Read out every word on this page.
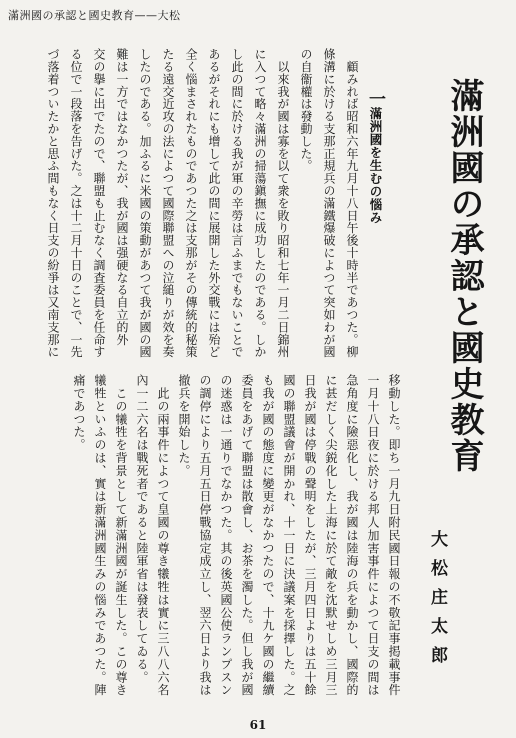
滿洲國の承認と國史教育——大松
滿洲國の承認と國史教育
大松庄太郎
一滿洲國を生むの惱み
　顧みれば昭和六年九月十八日午後十時半であつた。柳
條溝に於ける支那正規兵の滿鐵爆破によつて突如わが國
の自衞權は發動した。
　以來我が國は寡を以て衆を敗り昭和七年一月二日錦州
に入つて略々滿洲の掃蕩鎭撫に成功したのである。しか
し此の間に於ける我が軍の辛勞は言ふまでもないことで
あるがそれにも增して此の間に展開した外交戰には殆ど
全く惱まされたものであつた之は支那がその傳統的秘策
たる遠交近攻の法によつて國際聯盟への泣縋りが效を奏
したのである。加ふるに米國の策動があつて我が國の國
難は一方ではなかつたが、我が國は强硬なる自立的外
交の擧に出でたので、聯盟も止むなく調査委員を任命す
る位で一段落を告げた。之は十二月十日のことで、一先
づ落着ついたかと思ふ間もなく日支の紛爭は又南支那に
移動した。即ち一月九日附民國日報の不敬記事掲載事件
一月十八日夜に於ける邦人加害事件によつて日支の間は
急角度に險惡化し、我が國は陸海の兵を動かし、國際的
に甚だしく尖鋭化した上海に於て敵を沈默せしめ三月三
日我が國は停戰の聲明をしたが、三月四日よりは五十餘
國の聯盟議會が開かれ、十一日に決議案を採擇した。之
も我が國の態度に變更がなかつたので、十九ケ國の繼續
委員をあげて聯盟は散會し、お茶を濁した。但し我が國
の迷惑は一通りでなかつた。其の後英國公使ランプスン
の調停により五月五日停戰協定成立し、翌六日より我は
撤兵を開始した。
　此の兩事件によつて皇國の尊き犧牲は實に三八八六名
內一二六名は戰死者であると陸軍省は發表してゐる。
　この犧牲を背景として新滿洲國が誕生した。この尊き
犧牲といふのは、實は新滿洲國生みの惱みであつた。陣
痛であつた。
61
